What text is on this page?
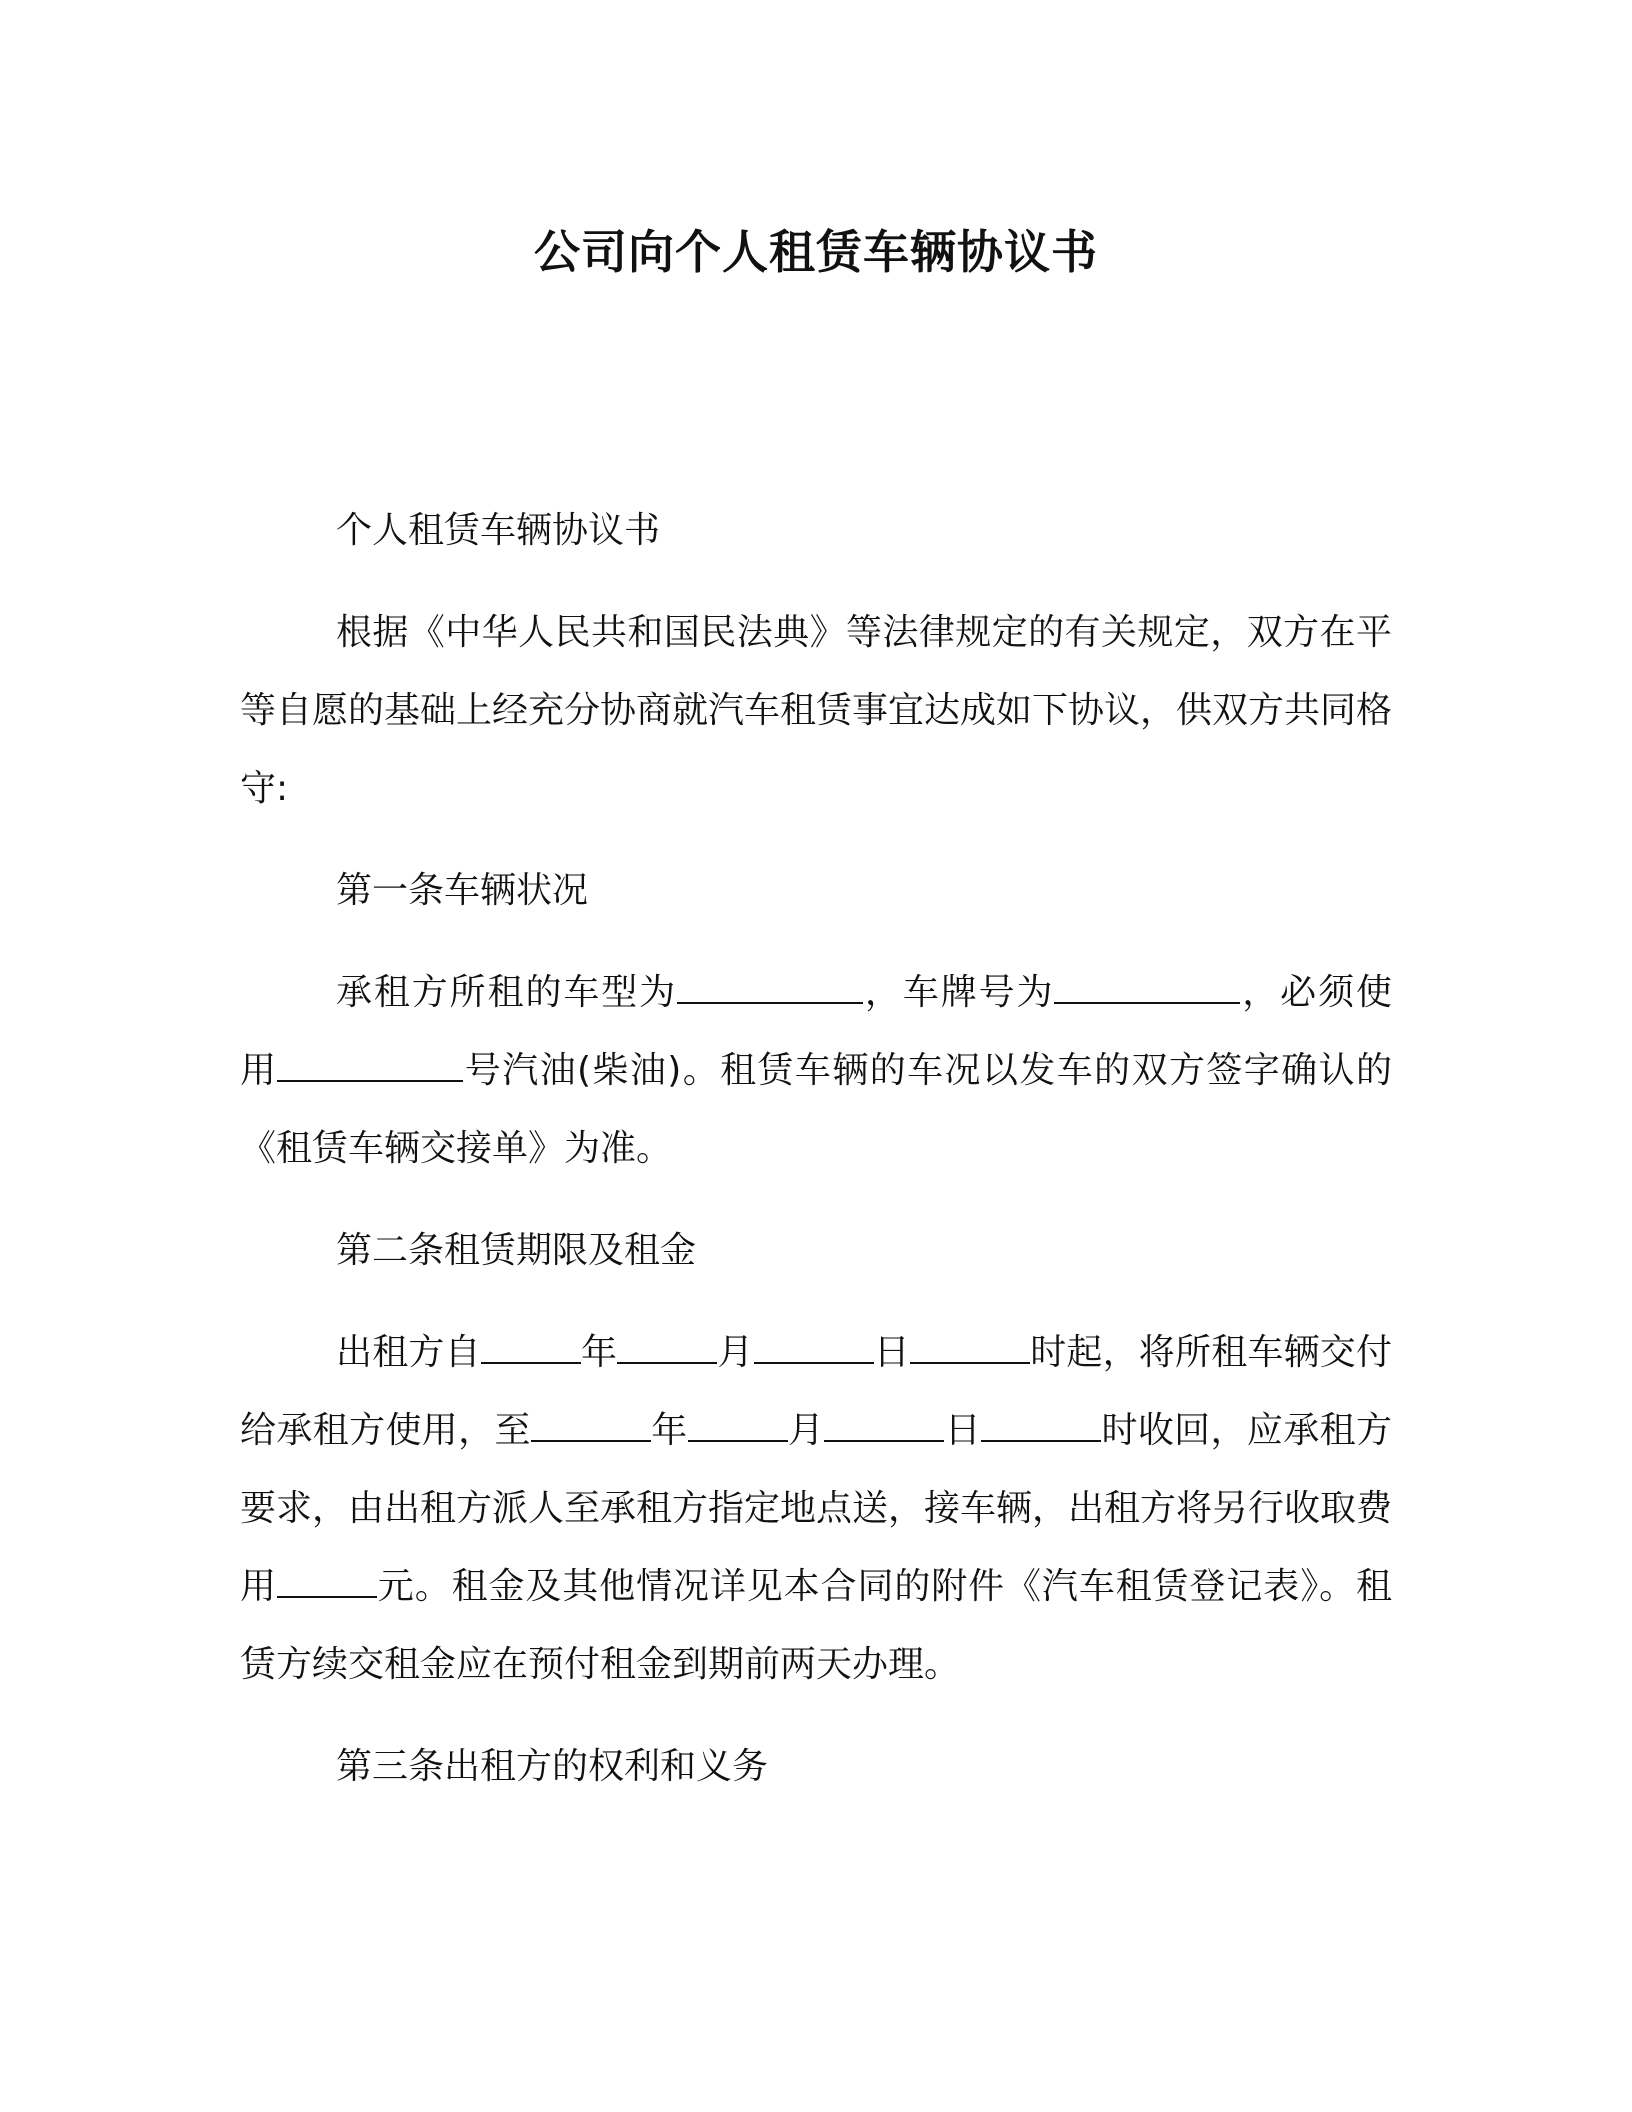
公司向个人租赁车辆协议书

个人租赁车辆协议书

根据《中华人民共和国民法典》等法律规定的有关规定，双方在平等自愿的基础上经充分协商就汽车租赁事宜达成如下协议，供双方共同格守:

第一条车辆状况

承租方所租的车型为	，车牌号为	，必须使用	号汽油(柴油)。租赁车辆的车况以发车的双方签字确认的《租赁车辆交接单》为准。

第二条租赁期限及租金

出租方自	年	月	日	时起，将所租车辆交付给承租方使用，至	年	月	日	时收回，应承租方要求，由出租方派人至承租方指定地点送，接车辆，出租方将另行收取费用	元。租金及其他情况详见本合同的附件《汽车租赁登记表》。租赁方续交租金应在预付租金到期前两天办理。

第三条出租方的权利和义务
